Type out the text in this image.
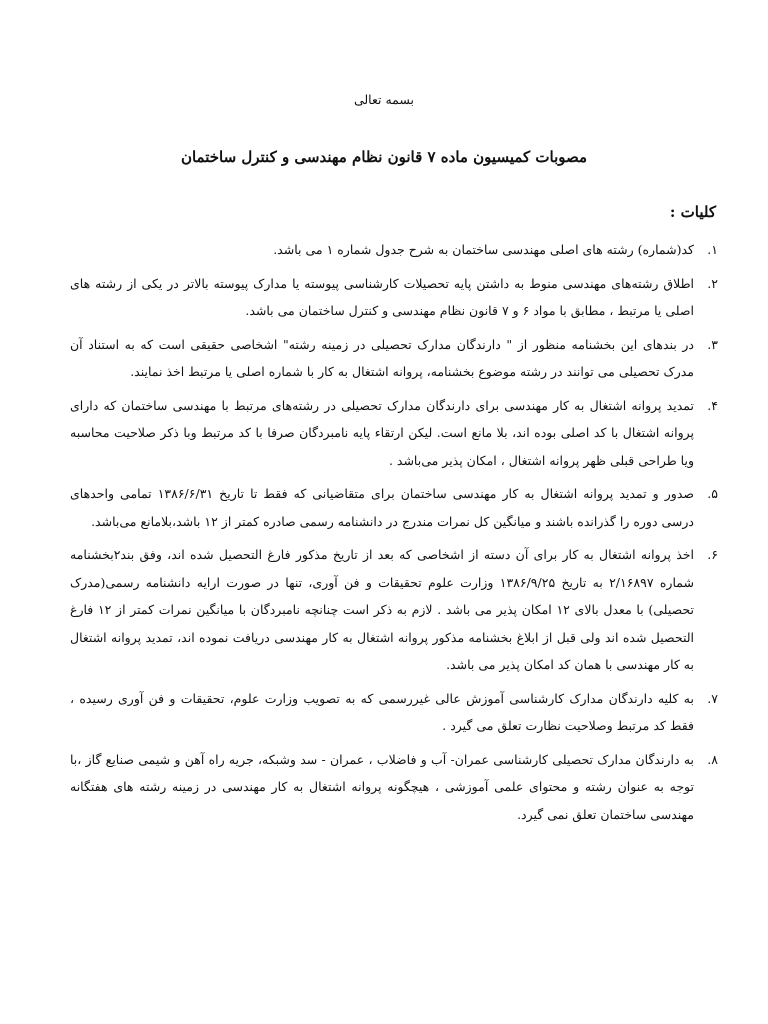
بسمه تعالی
مصوبات کمیسیون ماده ۷ قانون نظام مهندسی و کنترل ساختمان
کلیات :
۱.
کد(شماره) رشته های اصلی مهندسی ساختمان به شرح جدول شماره ۱ می باشد.
۲.
اطلاق رشته‌های مهندسی منوط به داشتن پایه تحصیلات کارشناسی پیوسته یا مدارک پیوسته بالاتر در یکی از رشته های اصلی یا مرتبط ، مطابق با مواد ۶ و ۷ قانون نظام مهندسی و کنترل ساختمان می باشد.
۳.
در بندهای این بخشنامه منظور از " دارندگان مدارک تحصیلی در زمینه رشته" اشخاصی حقیقی است که به استناد آن مدرک تحصیلی می توانند در رشته موضوع بخشنامه، پروانه اشتغال به کار با شماره اصلی یا مرتبط اخذ نمایند.
۴.
تمدید پروانه اشتغال به کار مهندسی برای دارندگان مدارک تحصیلی در رشته‌های مرتبط با مهندسی ساختمان که دارای پروانه اشتغال با کد اصلی بوده اند، بلا مانع است. لیکن ارتقاء پایه نامبردگان صرفا با کد مرتبط وبا ذکر صلاحیت محاسبه ویا طراحی قبلی ظهر پروانه اشتغال ، امکان پذیر می‌باشد .
۵.
صدور و تمدید پروانه اشتغال به کار مهندسی ساختمان برای متقاضیانی که فقط تا تاریخ ۱۳۸۶/۶/۳۱ تمامی واحدهای درسی دوره را گذرانده باشند و میانگین کل نمرات مندرج در دانشنامه رسمی صادره کمتر از ۱۲ باشد،بلامانع می‌باشد.
۶.
اخذ پروانه اشتغال به کار برای آن دسته از اشخاصی که بعد از تاریخ مذکور فارغ التحصیل شده اند، وفق بند۲بخشنامه شماره ۲/۱۶۸۹۷ به تاریخ ۱۳۸۶/۹/۲۵ وزارت علوم تحقیقات و فن آوری، تنها در صورت ارایه دانشنامه رسمی(مدرک تحصیلی) با معدل بالای ۱۲ امکان پذیر می باشد . لازم به ذکر است چنانچه نامبردگان با میانگین نمرات کمتر از ۱۲ فارغ التحصیل شده اند ولی قبل از ابلاغ بخشنامه مذکور پروانه اشتغال به کار مهندسی دریافت نموده اند، تمدید پروانه اشتغال به کار مهندسی با همان کد امکان پذیر می باشد.
۷.
به کلیه دارندگان مدارک کارشناسی آموزش عالی غیررسمی که به تصویب وزارت علوم، تحقیقات و فن آوری رسیده ، فقط کد مرتبط وصلاحیت نظارت تعلق می گیرد .
۸.
به دارندگان مدارک تحصیلی کارشناسی عمران- آب و فاضلاب ، عمران - سد وشبکه، جریه راه آهن و شیمی صنایع گاز ،با توجه به عنوان رشته و محتوای علمی آموزشی ، هیچگونه پروانه اشتغال به کار مهندسی در زمینه رشته های هفتگانه مهندسی ساختمان تعلق نمی گیرد.
